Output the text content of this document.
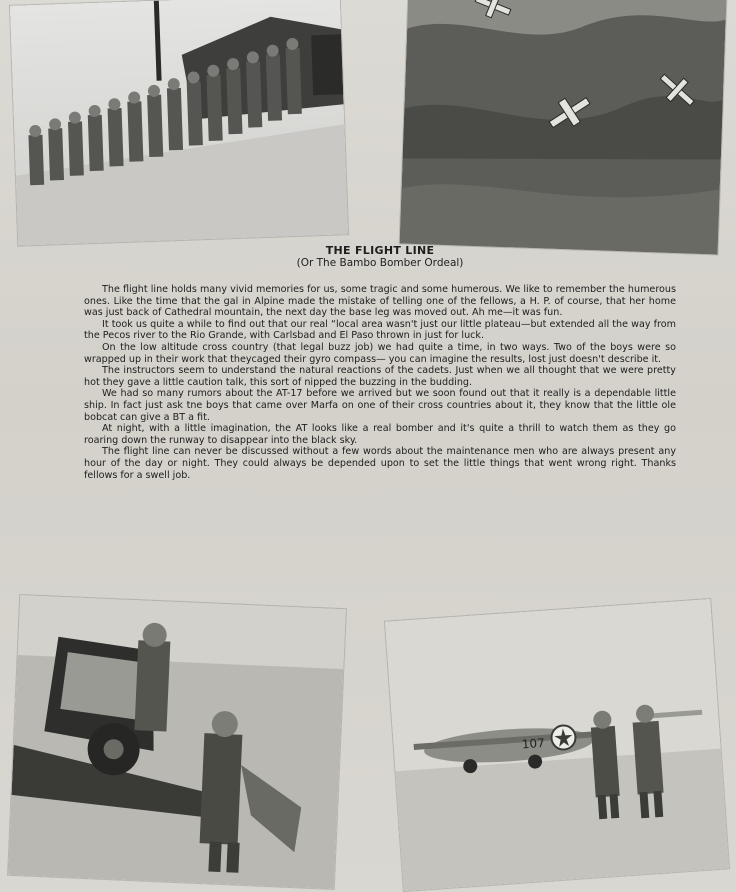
THE FLIGHT LINE

(Or The Bambo Bomber Ordeal)

The flight line holds many vivid memories for us, some tragic and some humerous. We like to remember the humerous ones. Like the time that the gal in Alpine made the mistake of telling one of the fellows, a H. P. of course, that her home was just back of Cathedral mountain, the next day the base leg was moved out. Ah me—it was fun.

It took us quite a while to find out that our real “local area wasn't just our little plateau—but extended all the way from the Pecos river to the Rio Grande, with Carlsbad and El Paso thrown in just for luck.

On the low altitude cross country (that legal buzz job) we had quite a time, in two ways. Two of the boys were so wrapped up in their work that theycaged their gyro compass— you can imagine the results, lost just doesn't describe it.

The instructors seem to understand the natural reactions of the cadets. Just when we all thought that we were pretty hot they gave a little caution talk, this sort of nipped the buzzing in the budding.

We had so many rumors about the AT-17 before we arrived but we soon found out that it really is a dependable little ship. In fact just ask tne boys that came over Marfa on one of their cross countries about it, they know that the little ole bobcat can give a BT a fit.

At night, with a little imagination, the AT looks like a real bomber and it's quite a thrill to watch them as they go roaring down the runway to disappear into the black sky.

The flight line can never be discussed without a few words about the maintenance men who are always present any hour of the day or night. They could always be depended upon to set the little things that went wrong right. Thanks fellows for a swell job.

107
